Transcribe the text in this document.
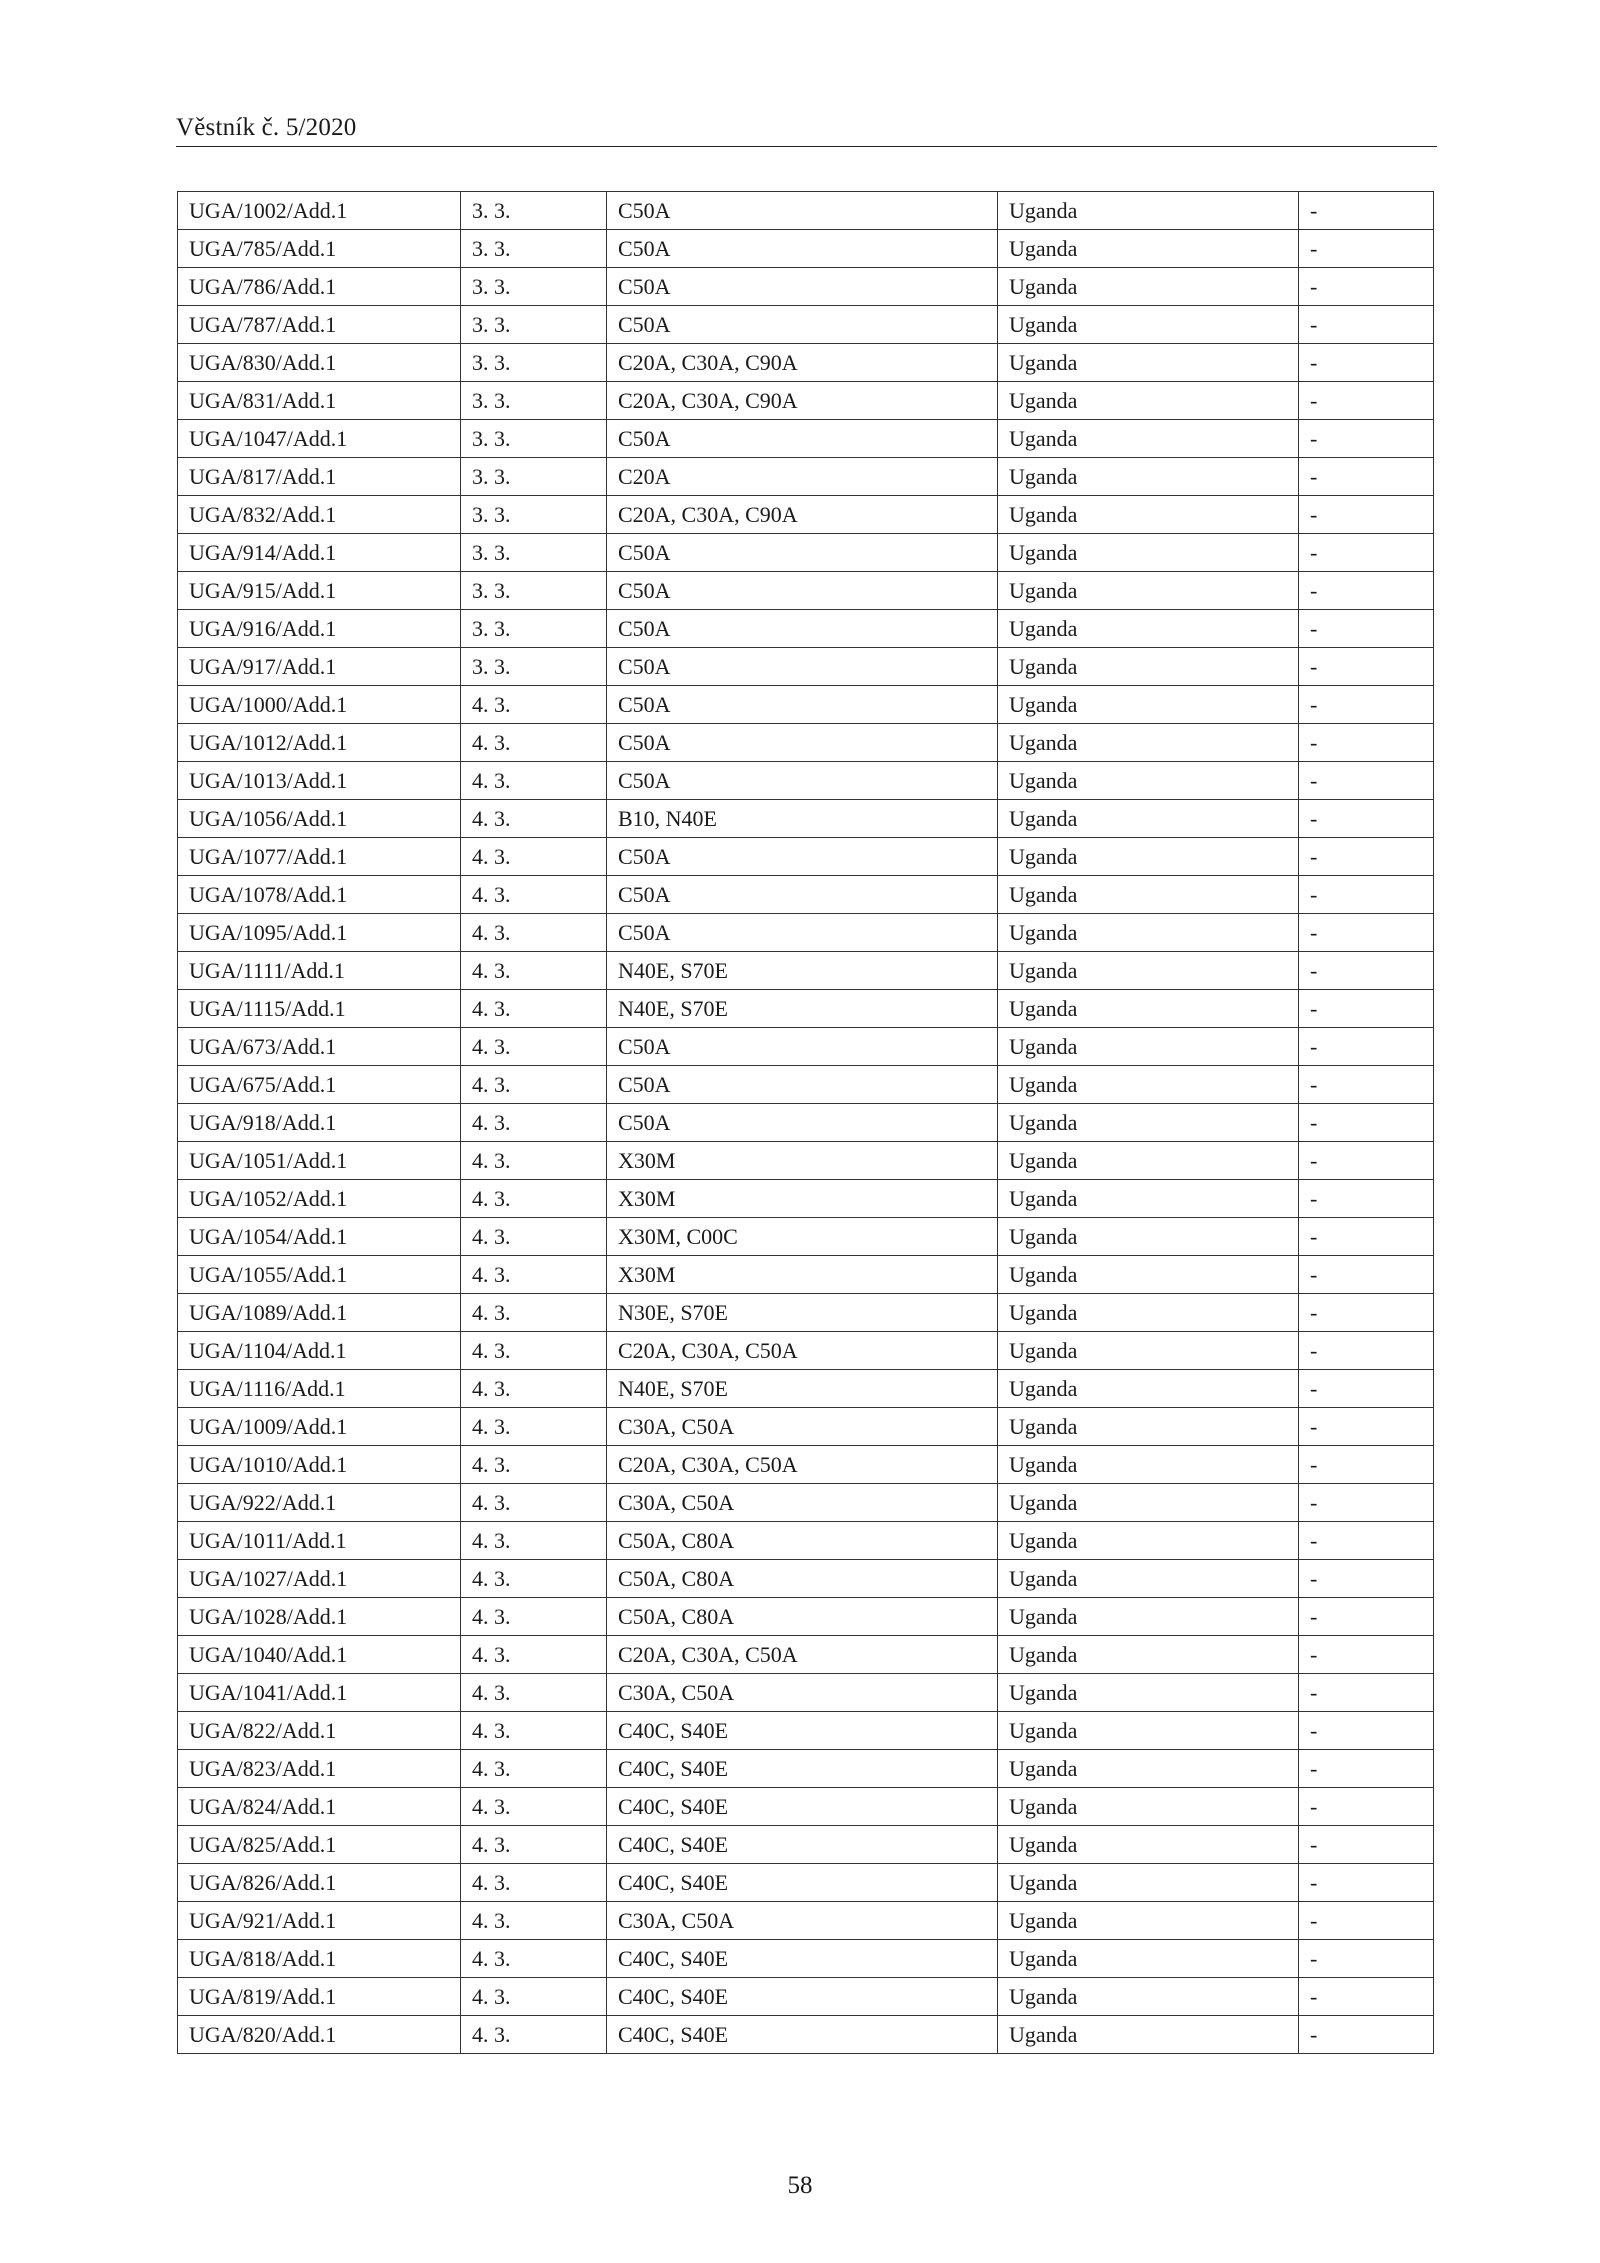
Věstník č. 5/2020
UGA/1002/Add.1	3. 3.	C50A	Uganda	-
UGA/785/Add.1	3. 3.	C50A	Uganda	-
UGA/786/Add.1	3. 3.	C50A	Uganda	-
UGA/787/Add.1	3. 3.	C50A	Uganda	-
UGA/830/Add.1	3. 3.	C20A, C30A, C90A	Uganda	-
UGA/831/Add.1	3. 3.	C20A, C30A, C90A	Uganda	-
UGA/1047/Add.1	3. 3.	C50A	Uganda	-
UGA/817/Add.1	3. 3.	C20A	Uganda	-
UGA/832/Add.1	3. 3.	C20A, C30A, C90A	Uganda	-
UGA/914/Add.1	3. 3.	C50A	Uganda	-
UGA/915/Add.1	3. 3.	C50A	Uganda	-
UGA/916/Add.1	3. 3.	C50A	Uganda	-
UGA/917/Add.1	3. 3.	C50A	Uganda	-
UGA/1000/Add.1	4. 3.	C50A	Uganda	-
UGA/1012/Add.1	4. 3.	C50A	Uganda	-
UGA/1013/Add.1	4. 3.	C50A	Uganda	-
UGA/1056/Add.1	4. 3.	B10, N40E	Uganda	-
UGA/1077/Add.1	4. 3.	C50A	Uganda	-
UGA/1078/Add.1	4. 3.	C50A	Uganda	-
UGA/1095/Add.1	4. 3.	C50A	Uganda	-
UGA/1111/Add.1	4. 3.	N40E, S70E	Uganda	-
UGA/1115/Add.1	4. 3.	N40E, S70E	Uganda	-
UGA/673/Add.1	4. 3.	C50A	Uganda	-
UGA/675/Add.1	4. 3.	C50A	Uganda	-
UGA/918/Add.1	4. 3.	C50A	Uganda	-
UGA/1051/Add.1	4. 3.	X30M	Uganda	-
UGA/1052/Add.1	4. 3.	X30M	Uganda	-
UGA/1054/Add.1	4. 3.	X30M, C00C	Uganda	-
UGA/1055/Add.1	4. 3.	X30M	Uganda	-
UGA/1089/Add.1	4. 3.	N30E, S70E	Uganda	-
UGA/1104/Add.1	4. 3.	C20A, C30A, C50A	Uganda	-
UGA/1116/Add.1	4. 3.	N40E, S70E	Uganda	-
UGA/1009/Add.1	4. 3.	C30A, C50A	Uganda	-
UGA/1010/Add.1	4. 3.	C20A, C30A, C50A	Uganda	-
UGA/922/Add.1	4. 3.	C30A, C50A	Uganda	-
UGA/1011/Add.1	4. 3.	C50A, C80A	Uganda	-
UGA/1027/Add.1	4. 3.	C50A, C80A	Uganda	-
UGA/1028/Add.1	4. 3.	C50A, C80A	Uganda	-
UGA/1040/Add.1	4. 3.	C20A, C30A, C50A	Uganda	-
UGA/1041/Add.1	4. 3.	C30A, C50A	Uganda	-
UGA/822/Add.1	4. 3.	C40C, S40E	Uganda	-
UGA/823/Add.1	4. 3.	C40C, S40E	Uganda	-
UGA/824/Add.1	4. 3.	C40C, S40E	Uganda	-
UGA/825/Add.1	4. 3.	C40C, S40E	Uganda	-
UGA/826/Add.1	4. 3.	C40C, S40E	Uganda	-
UGA/921/Add.1	4. 3.	C30A, C50A	Uganda	-
UGA/818/Add.1	4. 3.	C40C, S40E	Uganda	-
UGA/819/Add.1	4. 3.	C40C, S40E	Uganda	-
UGA/820/Add.1	4. 3.	C40C, S40E	Uganda	-
58
